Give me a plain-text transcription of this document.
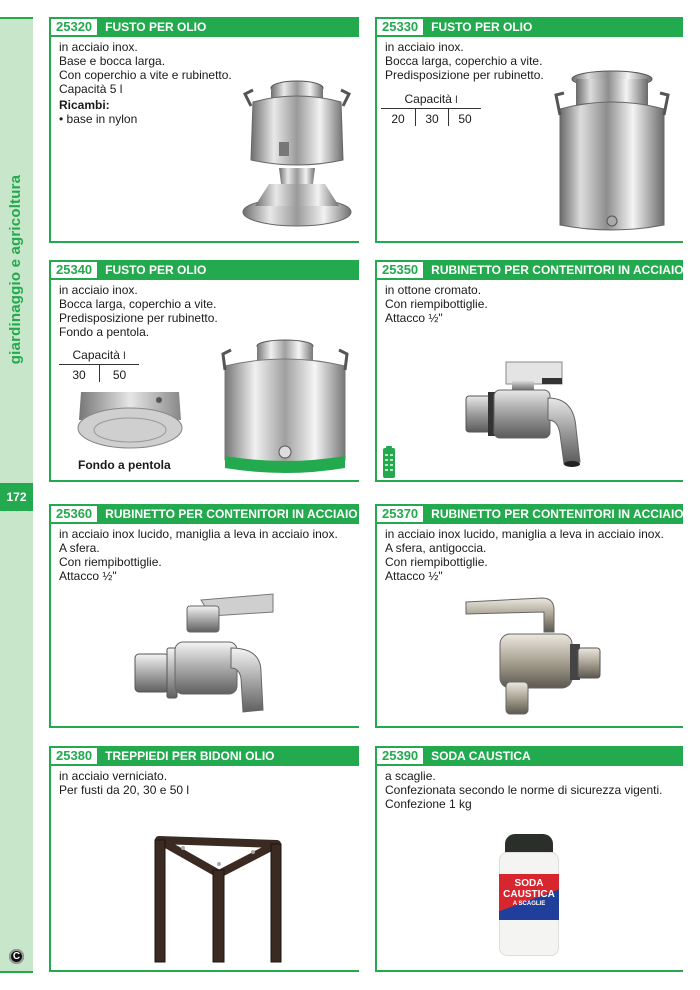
giardinaggio e agricoltura
C
172
25320	FUSTO PER OLIO
in acciaio inox.
Base e bocca larga.
Con coperchio a vite e rubinetto.
Capacità 5 l
Ricambi:
• base in nylon
25330	FUSTO PER OLIO
in acciaio inox.
Bocca larga, coperchio a vite.
Predisposizione per rubinetto.
Capacità l
20	30	50
25340	FUSTO PER OLIO
in acciaio inox.
Bocca larga, coperchio a vite.
Predisposizione per rubinetto.
Fondo a pentola.
Capacità l
30	50
Fondo a pentola
25350	RUBINETTO PER CONTENITORI IN ACCIAIO
in ottone cromato.
Con riempibottiglie.
Attacco ½"
25360	RUBINETTO PER CONTENITORI IN ACCIAIO
in acciaio inox lucido, maniglia a leva in acciaio inox.
A sfera.
Con riempibottiglie.
Attacco ½"
25370	RUBINETTO PER CONTENITORI IN ACCIAIO
in acciaio inox lucido, maniglia a leva in acciaio inox.
A sfera, antigoccia.
Con riempibottiglie.
Attacco ½"
25380	TREPPIEDI PER BIDONI OLIO
in acciaio verniciato.
Per fusti da 20, 30 e 50 l
25390	SODA CAUSTICA
a scaglie.
Confezionata secondo le norme di sicurezza vigenti.
Confezione 1 kg
SODA
CAUSTICA
A SCAGLIE
